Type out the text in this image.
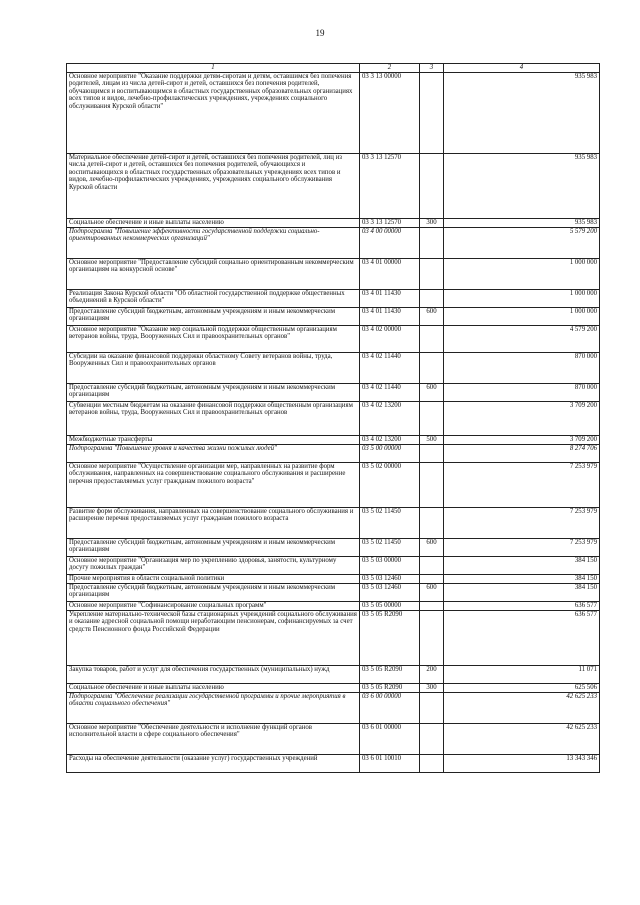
19
1	2	3	4
Основное мероприятие "Оказание поддержки детям-сиротам и детям, оставшимся без попечения родителей, лицам из числа детей-сирот и детей, оставшихся без попечения родителей, обучающимся и воспитывающимся в областных государственных образовательных организациях всех типов и видов, лечебно-профилактических учреждениях, учреждениях социального обслуживания Курской области"	03 3 13 00000		935 983
Материальное обеспечение детей-сирот и детей, оставшихся без попечения родителей, лиц из числа детей-сирот и детей, оставшихся без попечения родителей, обучающихся и воспитывающихся в областных государственных образовательных учреждениях всех типов и видов, лечебно-профилактических учреждениях, учреждениях социального обслуживания Курской области	03 3 13 12570		935 983
Социальное обеспечение и иные выплаты населению	03 3 13 12570	300	935 983
Подпрограмма "Повышение эффективности государственной поддержки социально-ориентированных некоммерческих организаций"	03 4 00 00000		5 579 200
Основное мероприятие "Предоставление субсидий социально ориентированным некоммерческим организациям на конкурсной основе"	03 4 01 00000		1 000 000
Реализация Закона Курской области "Об областной государственной поддержке общественных объединений в Курской области"	03 4 01 11430		1 000 000
Предоставление субсидий бюджетным, автономным учреждениям и иным некоммерческим организациям	03 4 01 11430	600	1 000 000
Основное мероприятие "Оказание мер социальной поддержки общественным организациям ветеранов войны, труда, Вооруженных Сил и правоохранительных органов"	03 4 02 00000		4 579 200
Субсидии на оказание финансовой поддержки областному Совету ветеранов войны, труда, Вооруженных Сил и правоохранительных органов	03 4 02 11440		870 000
Предоставление субсидий бюджетным, автономным учреждениям и иным некоммерческим организациям	03 4 02 11440	600	870 000
Субвенции местным бюджетам на оказание финансовой поддержки общественным организациям ветеранов войны, труда, Вооруженных Сил и правоохранительных органов	03 4 02 13200		3 709 200
Межбюджетные трансферты	03 4 02 13200	500	3 709 200
Подпрограмма "Повышение уровня и качества жизни пожилых людей"	03 5 00 00000		8 274 706
Основное мероприятие "Осуществление организации мер, направленных на развитие форм обслуживания, направленных на совершенствование социального обслуживания и расширение перечня предоставляемых услуг гражданам пожилого возраста"	03 5 02 00000		7 253 979
Развитие форм обслуживания, направленных на совершенствование социального обслуживания и расширение перечня предоставляемых услуг гражданам пожилого возраста	03 5 02 11450		7 253 979
Предоставление субсидий бюджетным, автономным учреждениям и иным некоммерческим организациям	03 5 02 11450	600	7 253 979
Основное мероприятие "Организация мер по укреплению здоровья, занятости, культурному досугу пожилых граждан"	03 5 03 00000		384 150
Прочие мероприятия в области социальной политики	03 5 03 12460		384 150
Предоставление субсидий бюджетным, автономным учреждениям и иным некоммерческим организациям	03 5 03 12460	600	384 150
Основное мероприятие "Софинансирование социальных программ"	03 5 05 00000		636 577
Укрепление материально-технической базы стационарных учреждений социального обслуживания и оказание адресной социальной помощи неработающим пенсионерам, софинансируемых за счет средств Пенсионного фонда Российской Федерации	03 5 05 R2090		636 577
Закупка товаров, работ и услуг для обеспечения государственных (муниципальных) нужд	03 5 05 R2090	200	11 071
Социальное обеспечение и иные выплаты населению	03 5 05 R2090	300	625 506
Подпрограмма "Обеспечение реализации государственной программы и прочие мероприятия в области социального обеспечения"	03 6 00 00000		42 625 233
Основное мероприятие "Обеспечение деятельности и исполнение функций органов исполнительной власти в сфере социального обеспечения"	03 6 01 00000		42 625 233
Расходы на обеспечение деятельности (оказание услуг) государственных учреждений	03 6 01 10010		13 343 346
